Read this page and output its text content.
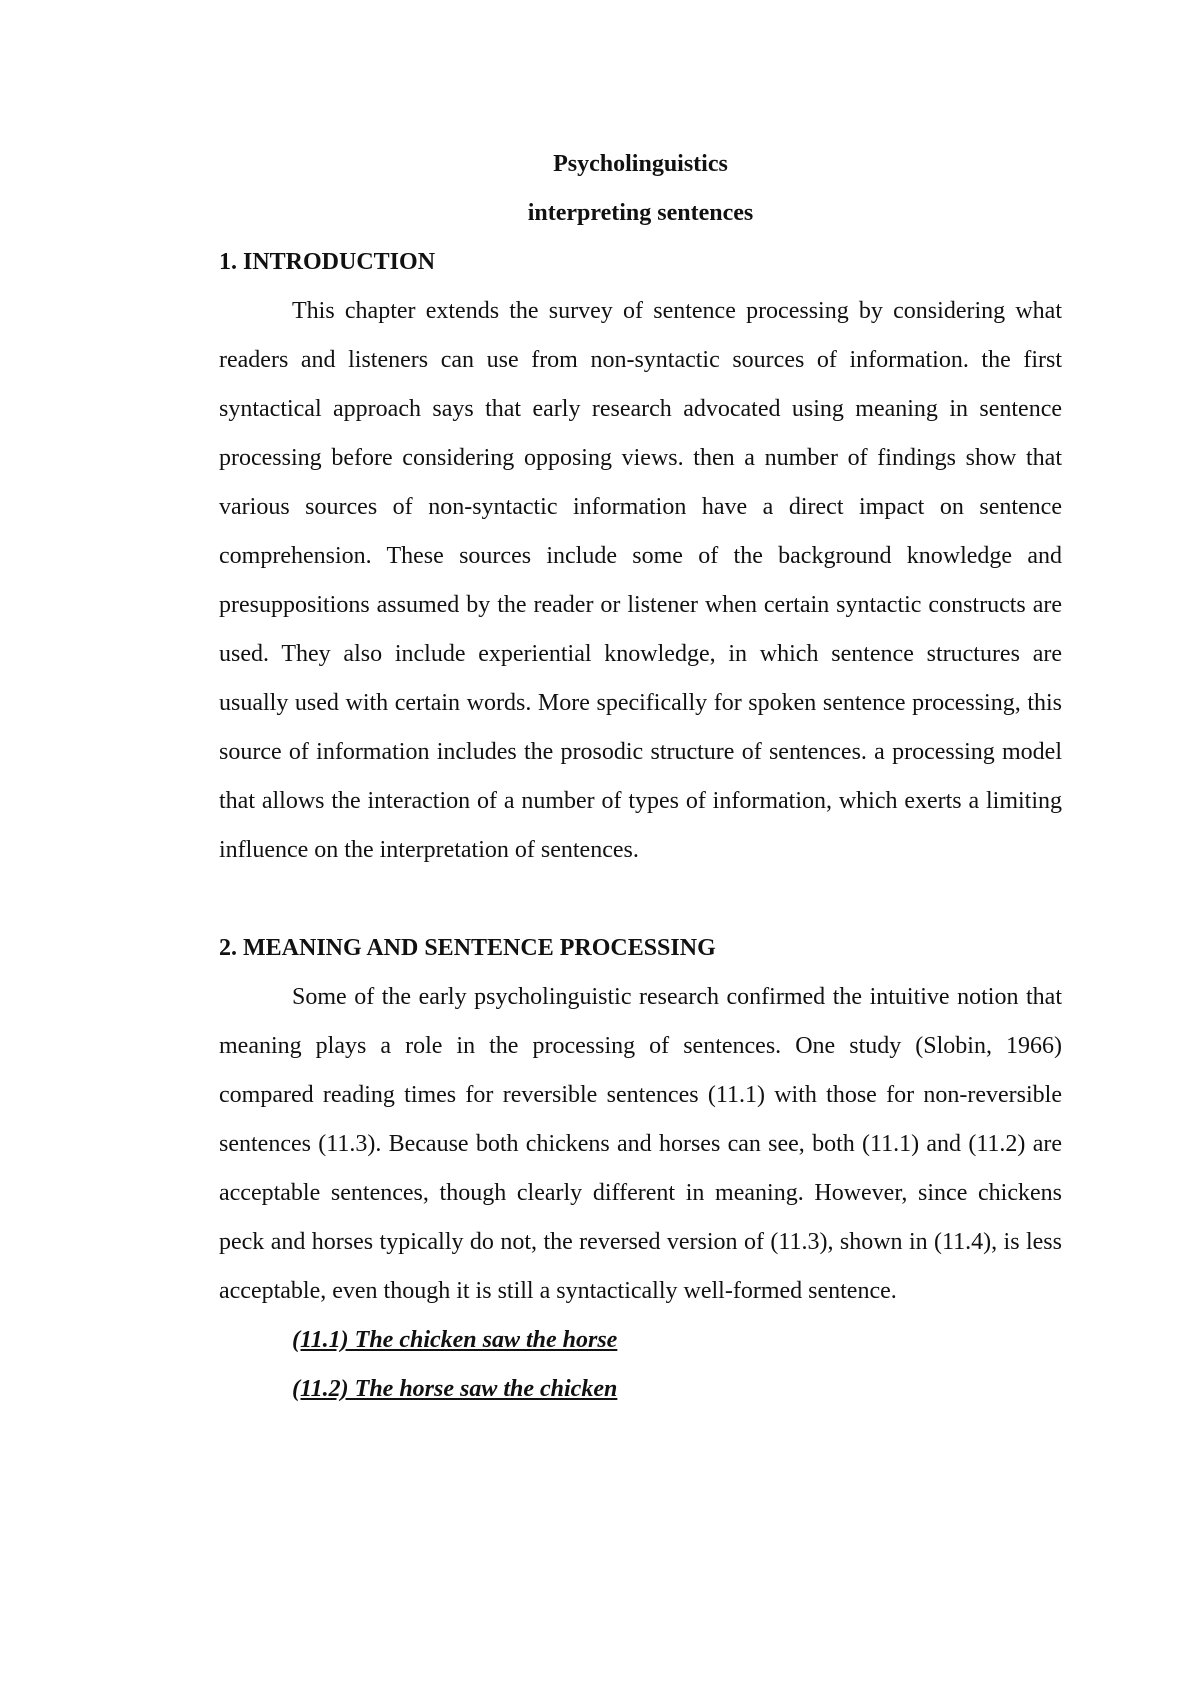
Psycholinguistics

interpreting sentences

1. INTRODUCTION

This chapter extends the survey of sentence processing by considering what readers and listeners can use from non-syntactic sources of information. the first syntactical approach says that early research advocated using meaning in sentence processing before considering opposing views. then a number of findings show that various sources of non-syntactic information have a direct impact on sentence comprehension. These sources include some of the background knowledge and presuppositions assumed by the reader or listener when certain syntactic constructs are used. They also include experiential knowledge, in which sentence structures are usually used with certain words. More specifically for spoken sentence processing, this source of information includes the prosodic structure of sentences. a processing model that allows the interaction of a number of types of information, which exerts a limiting influence on the interpretation of sentences.

2. MEANING AND SENTENCE PROCESSING

Some of the early psycholinguistic research confirmed the intuitive notion that meaning plays a role in the processing of sentences. One study (Slobin, 1966) compared reading times for reversible sentences (11.1) with those for non-reversible sentences (11.3). Because both chickens and horses can see, both (11.1) and (11.2) are acceptable sentences, though clearly different in meaning. However, since chickens peck and horses typically do not, the reversed version of (11.3), shown in (11.4), is less acceptable, even though it is still a syntactically well-formed sentence.

(11.1) The chicken saw the horse

(11.2) The horse saw the chicken
